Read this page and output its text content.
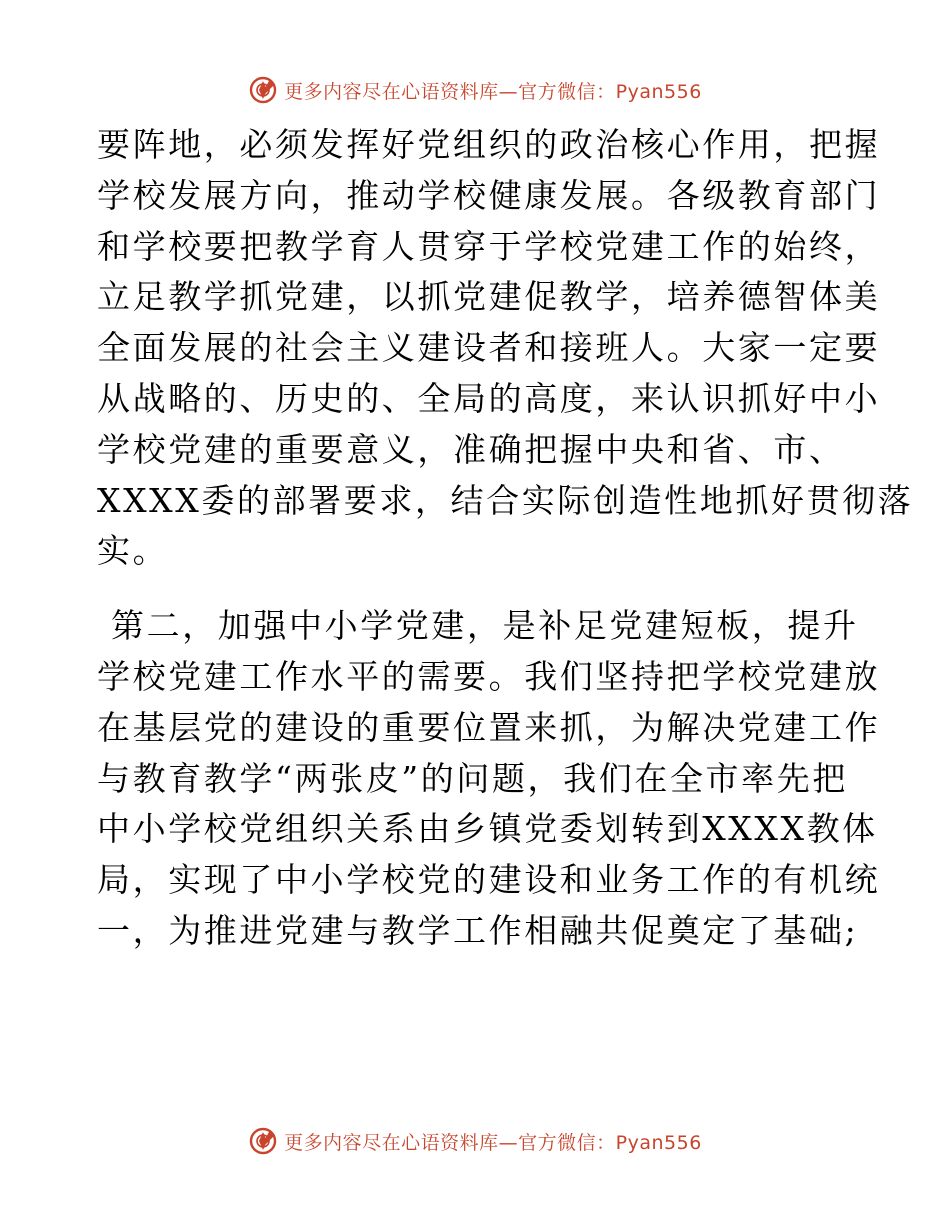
更多内容尽在心语资料库—官方微信：Pyan556
要阵地，必须发挥好党组织的政治核心作用，把握
学校发展方向，推动学校健康发展。各级教育部门
和学校要把教学育人贯穿于学校党建工作的始终，
立足教学抓党建，以抓党建促教学，培养德智体美
全面发展的社会主义建设者和接班人。大家一定要
从战略的、历史的、全局的高度，来认识抓好中小
学校党建的重要意义，准确把握中央和省、市、
XXXX委的部署要求，结合实际创造性地抓好贯彻落
实。
第二，加强中小学党建，是补足党建短板，提升
学校党建工作水平的需要。我们坚持把学校党建放
在基层党的建设的重要位置来抓，为解决党建工作
与教育教学“两张皮”的问题，我们在全市率先把
中小学校党组织关系由乡镇党委划转到XXXX教体
局，实现了中小学校党的建设和业务工作的有机统
一，为推进党建与教学工作相融共促奠定了基础;
更多内容尽在心语资料库—官方微信：Pyan556
